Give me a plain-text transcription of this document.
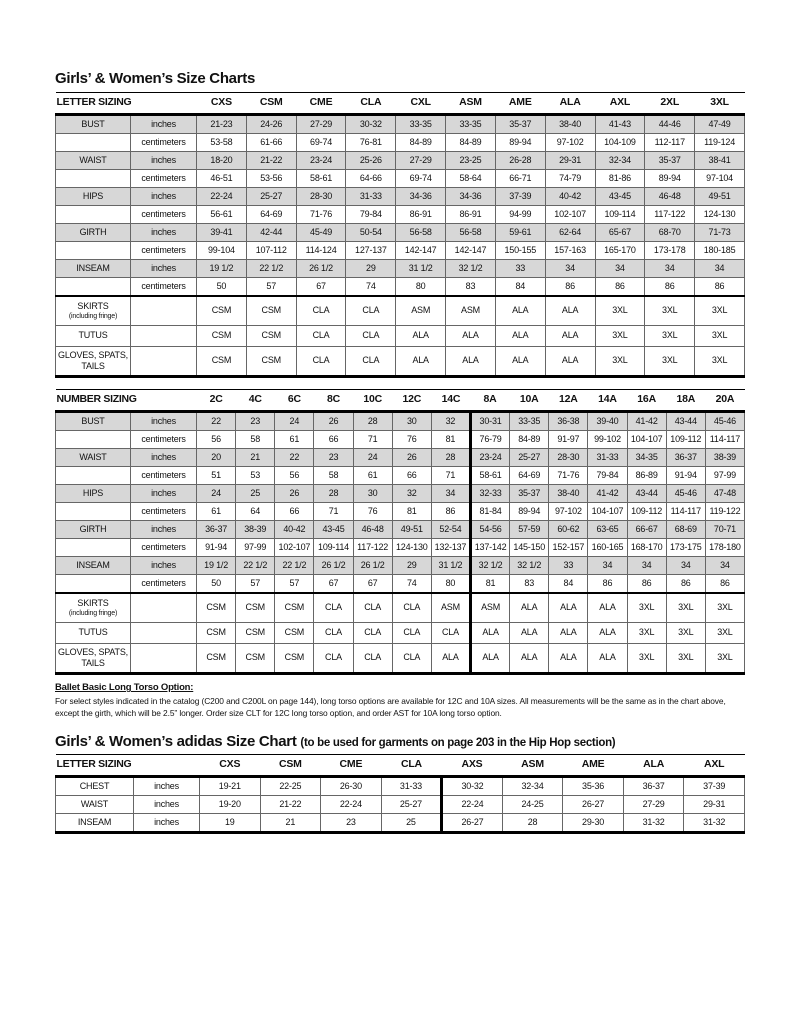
Girls’ & Women’s Size Charts
LETTER SIZING		CXS	CSM	CME	CLA	CXL	ASM	AME	ALA	AXL	2XL	3XL
BUST	inches	21-23	24-26	27-29	30-32	33-35	33-35	35-37	38-40	41-43	44-46	47-49
	centimeters	53-58	61-66	69-74	76-81	84-89	84-89	89-94	97-102	104-109	112-117	119-124
WAIST	inches	18-20	21-22	23-24	25-26	27-29	23-25	26-28	29-31	32-34	35-37	38-41
	centimeters	46-51	53-56	58-61	64-66	69-74	58-64	66-71	74-79	81-86	89-94	97-104
HIPS	inches	22-24	25-27	28-30	31-33	34-36	34-36	37-39	40-42	43-45	46-48	49-51
	centimeters	56-61	64-69	71-76	79-84	86-91	86-91	94-99	102-107	109-114	117-122	124-130
GIRTH	inches	39-41	42-44	45-49	50-54	56-58	56-58	59-61	62-64	65-67	68-70	71-73
	centimeters	99-104	107-112	114-124	127-137	142-147	142-147	150-155	157-163	165-170	173-178	180-185
INSEAM	inches	19 1/2	22 1/2	26 1/2	29	31 1/2	32 1/2	33	34	34	34	34
	centimeters	50	57	67	74	80	83	84	86	86	86	86
SKIRTS
(including fringe)		CSM	CSM	CLA	CLA	ASM	ASM	ALA	ALA	3XL	3XL	3XL
TUTUS		CSM	CSM	CLA	CLA	ALA	ALA	ALA	ALA	3XL	3XL	3XL
GLOVES, SPATS,
TAILS		CSM	CSM	CLA	CLA	ALA	ALA	ALA	ALA	3XL	3XL	3XL
NUMBER SIZING		2C	4C	6C	8C	10C	12C	14C	8A	10A	12A	14A	16A	18A	20A
BUST	inches	22	23	24	26	28	30	32	30-31	33-35	36-38	39-40	41-42	43-44	45-46
	centimeters	56	58	61	66	71	76	81	76-79	84-89	91-97	99-102	104-107	109-112	114-117
WAIST	inches	20	21	22	23	24	26	28	23-24	25-27	28-30	31-33	34-35	36-37	38-39
	centimeters	51	53	56	58	61	66	71	58-61	64-69	71-76	79-84	86-89	91-94	97-99
HIPS	inches	24	25	26	28	30	32	34	32-33	35-37	38-40	41-42	43-44	45-46	47-48
	centimeters	61	64	66	71	76	81	86	81-84	89-94	97-102	104-107	109-112	114-117	119-122
GIRTH	inches	36-37	38-39	40-42	43-45	46-48	49-51	52-54	54-56	57-59	60-62	63-65	66-67	68-69	70-71
	centimeters	91-94	97-99	102-107	109-114	117-122	124-130	132-137	137-142	145-150	152-157	160-165	168-170	173-175	178-180
INSEAM	inches	19 1/2	22 1/2	22 1/2	26 1/2	26 1/2	29	31 1/2	32 1/2	32 1/2	33	34	34	34	34
	centimeters	50	57	57	67	67	74	80	81	83	84	86	86	86	86
SKIRTS
(including fringe)		CSM	CSM	CSM	CLA	CLA	CLA	ASM	ASM	ALA	ALA	ALA	3XL	3XL	3XL
TUTUS		CSM	CSM	CSM	CLA	CLA	CLA	CLA	ALA	ALA	ALA	ALA	3XL	3XL	3XL
GLOVES, SPATS,
TAILS		CSM	CSM	CSM	CLA	CLA	CLA	ALA	ALA	ALA	ALA	ALA	3XL	3XL	3XL
Ballet Basic Long Torso Option:
For select styles indicated in the catalog (C200 and C200L on page 144), long torso options are available for 12C and 10A sizes. All measurements will be the same as in the chart above,
except the girth, which will be 2.5” longer. Order size CLT for 12C long torso option, and order AST for 10A long torso option.
Girls’ & Women’s adidas Size Chart (to be used for garments on page 203 in the Hip Hop section)
LETTER SIZING		CXS	CSM	CME	CLA	AXS	ASM	AME	ALA	AXL
CHEST	inches	19-21	22-25	26-30	31-33	30-32	32-34	35-36	36-37	37-39
WAIST	inches	19-20	21-22	22-24	25-27	22-24	24-25	26-27	27-29	29-31
INSEAM	inches	19	21	23	25	26-27	28	29-30	31-32	31-32
